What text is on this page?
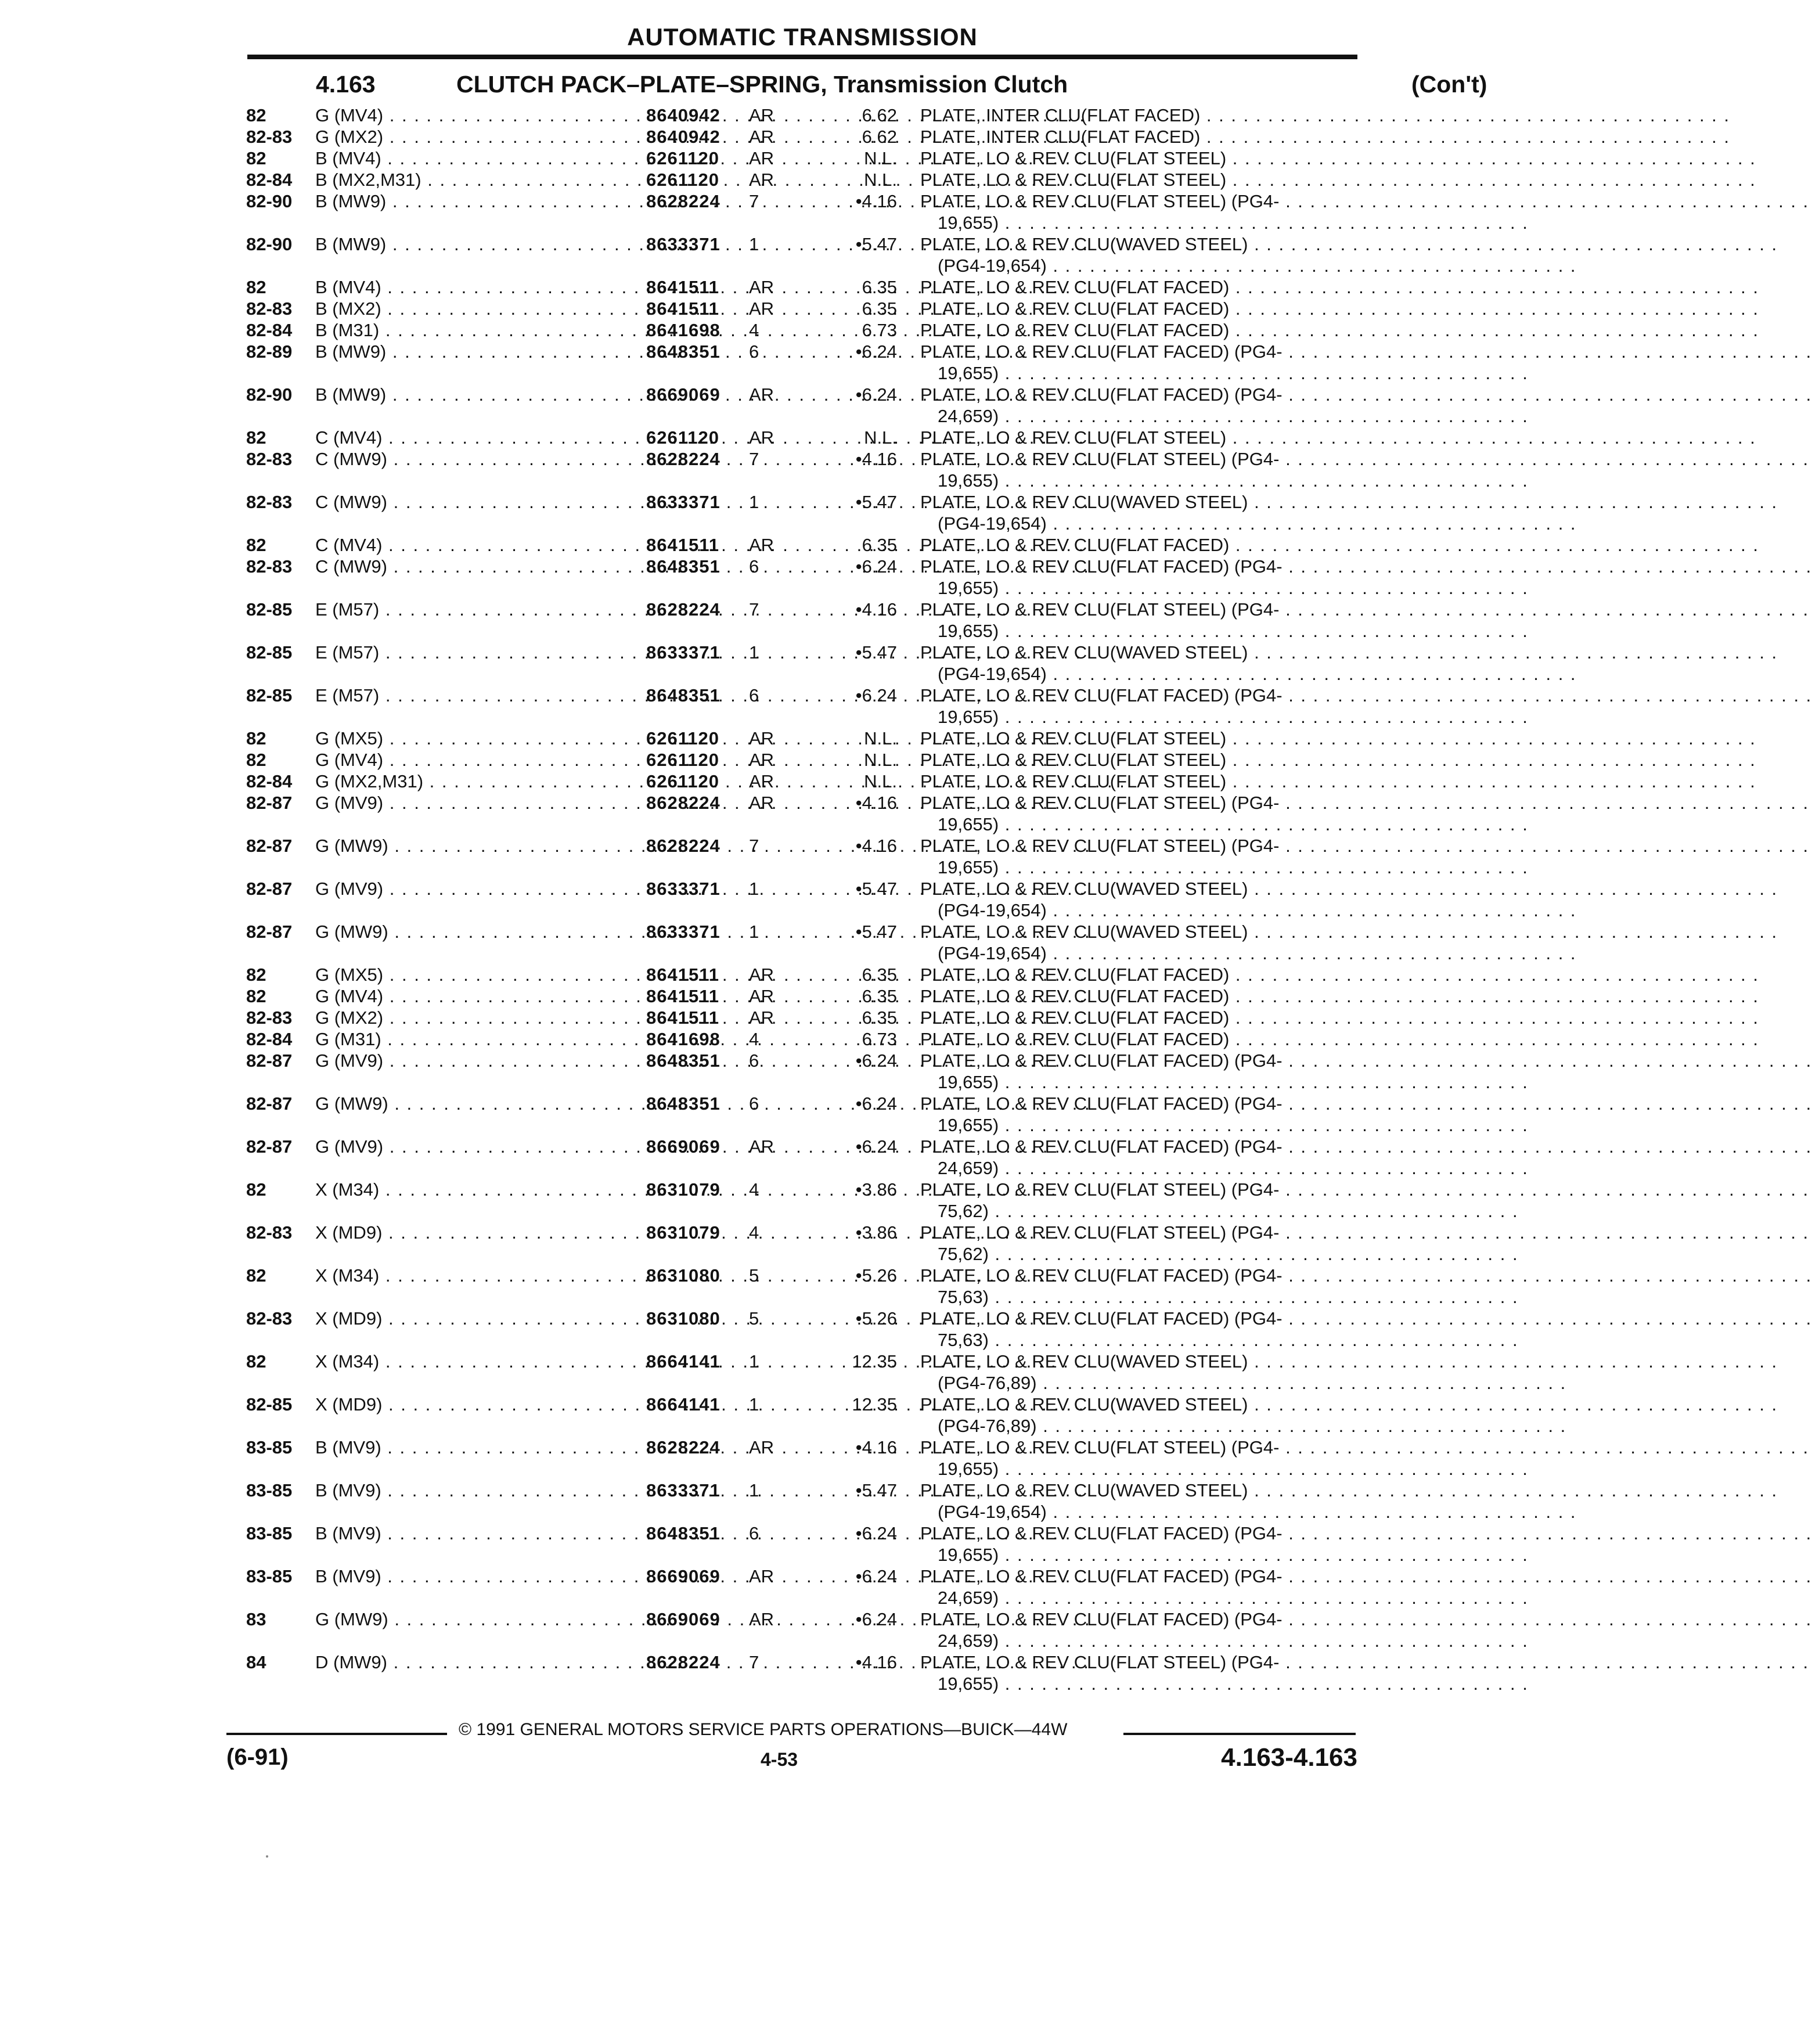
AUTOMATIC TRANSMISSION
4.163	CLUTCH PACK–PLATE–SPRING, Transmission Clutch	(Con't)
82	G (MV4) . . .	8640942 AR	6.62 PLATE, INTER CLU(FLAT FACED) . . .
82-83 G (MX2) . . .	8640942 AR	6.62 PLATE, INTER CLU(FLAT FACED) . . .
82	B (MV4) . . .	6261120 AR	N.L. PLATE, LO & REV CLU(FLAT STEEL) . . .
82-84 B (MX2,M31) . . .	6261120 AR	N.L. PLATE, LO & REV CLU(FLAT STEEL) . . .
82-90 B (MW9) . . .	8628224 7	•4.16 PLATE, LO & REV CLU(FLAT STEEL) (PG4- . . .
19,655) . . .
82-90 B (MW9) . . .	8633371 1	•5.47 PLATE, LO & REV CLU(WAVED STEEL) . . .
(PG4-19,654) . . .
82	B (MV4) . . .	8641511 AR	6.35 PLATE, LO & REV CLU(FLAT FACED) . . .
82-83 B (MX2) . . .	8641511 AR	6.35 PLATE, LO & REV CLU(FLAT FACED) . . .
82-84 B (M31) . . .	8641698 4	6.73 PLATE, LO & REV CLU(FLAT FACED) . . .
82-89 B (MW9) . . .	8648351 6	•6.24 PLATE, LO & REV CLU(FLAT FACED) (PG4- . . .
19,655) . . .
82-90 B (MW9) . . .	8669069 AR	•6.24 PLATE, LO & REV CLU(FLAT FACED) (PG4- . . .
24,659) . . .
82	C (MV4) . . .	6261120 AR	N.L. PLATE, LO & REV CLU(FLAT STEEL) . . .
82-83 C (MW9) . . .	8628224 7	•4.16 PLATE, LO & REV CLU(FLAT STEEL) (PG4- . . .
19,655) . . .
82-83 C (MW9) . . .	8633371 1	•5.47 PLATE, LO & REV CLU(WAVED STEEL) . . .
(PG4-19,654) . . .
82	C (MV4) . . .	8641511 AR	6.35 PLATE, LO & REV CLU(FLAT FACED) . . .
82-83 C (MW9) . . .	8648351 6	•6.24 PLATE, LO & REV CLU(FLAT FACED) (PG4- . . .
19,655) . . .
82-85 E (M57) . . .	8628224 7	•4.16 PLATE, LO & REV CLU(FLAT STEEL) (PG4- . . .
19,655) . . .
82-85 E (M57) . . .	8633371 1	•5.47 PLATE, LO & REV CLU(WAVED STEEL) . . .
(PG4-19,654) . . .
82-85 E (M57) . . .	8648351 6	•6.24 PLATE, LO & REV CLU(FLAT FACED) (PG4- . . .
19,655) . . .
82	G (MX5) . . .	6261120 AR	N.L. PLATE, LO & REV CLU(FLAT STEEL) . . .
82	G (MV4) . . .	6261120 AR	N.L. PLATE, LO & REV CLU(FLAT STEEL) . . .
82-84 G (MX2,M31) . . .	6261120 AR	N.L. PLATE, LO & REV CLU(FLAT STEEL) . . .
82-87 G (MV9) . . .	8628224 AR	•4.16 PLATE, LO & REV CLU(FLAT STEEL) (PG4- . . .
19,655) . . .
82-87 G (MW9) . . .	8628224 7	•4.16 PLATE, LO & REV CLU(FLAT STEEL) (PG4- . . .
19,655) . . .
82-87 G (MV9) . . .	8633371 1	•5.47 PLATE, LO & REV CLU(WAVED STEEL) . . .
(PG4-19,654) . . .
82-87 G (MW9) . . .	8633371 1	•5.47 PLATE, LO & REV CLU(WAVED STEEL) . . .
(PG4-19,654) . . .
82	G (MX5) . . .	8641511 AR	6.35 PLATE, LO & REV CLU(FLAT FACED) . . .
82	G (MV4) . . .	8641511 AR	6.35 PLATE, LO & REV CLU(FLAT FACED) . . .
82-83 G (MX2) . . .	8641511 AR	6.35 PLATE, LO & REV CLU(FLAT FACED) . . .
82-84 G (M31) . . .	8641698 4	6.73 PLATE, LO & REV CLU(FLAT FACED) . . .
82-87 G (MV9) . . .	8648351 6	•6.24 PLATE, LO & REV CLU(FLAT FACED) (PG4- . . .
19,655) . . .
82-87 G (MW9) . . .	8648351 6	•6.24 PLATE, LO & REV CLU(FLAT FACED) (PG4- . . .
19,655) . . .
82-87 G (MV9) . . .	8669069 AR	•6.24 PLATE, LO & REV CLU(FLAT FACED) (PG4- . . .
24,659) . . .
82	X (M34) . . .	8631079 4	•3.86 PLATE, LO & REV CLU(FLAT STEEL) (PG4- . . .
75,62) . . .
82-83 X (MD9) . . .	8631079 4	•3.86 PLATE, LO & REV CLU(FLAT STEEL) (PG4- . . .
75,62) . . .
82	X (M34) . . .	8631080 5	•5.26 PLATE, LO & REV CLU(FLAT FACED) (PG4- . . .
75,63) . . .
82-83 X (MD9) . . .	8631080 5	•5.26 PLATE, LO & REV CLU(FLAT FACED) (PG4- . . .
75,63) . . .
82	X (M34) . . .	8664141 1	12.35 PLATE, LO & REV CLU(WAVED STEEL) . . .
(PG4-76,89) . . .
82-85 X (MD9) . . .	8664141 1	12.35 PLATE, LO & REV CLU(WAVED STEEL) . . .
(PG4-76,89) . . .
83-85 B (MV9) . . .	8628224 AR	•4.16 PLATE, LO & REV CLU(FLAT STEEL) (PG4- . . .
19,655) . . .
83-85 B (MV9) . . .	8633371 1	•5.47 PLATE, LO & REV CLU(WAVED STEEL) . . .
(PG4-19,654) . . .
83-85 B (MV9) . . .	8648351 6	•6.24 PLATE, LO & REV CLU(FLAT FACED) (PG4- . . .
19,655) . . .
83-85 B (MV9) . . .	8669069 AR	•6.24 PLATE, LO & REV CLU(FLAT FACED) (PG4- . . .
24,659) . . .
83	G (MW9) . . .	8669069 AR	•6.24 PLATE, LO & REV CLU(FLAT FACED) (PG4- . . .
24,659) . . .
84	D (MW9) . . .	8628224 7	•4.16 PLATE, LO & REV CLU(FLAT STEEL) (PG4- . . .
19,655) . . .
© 1991 GENERAL MOTORS SERVICE PARTS OPERATIONS—BUICK—44W
(6-91)	4-53	4.163-4.163
